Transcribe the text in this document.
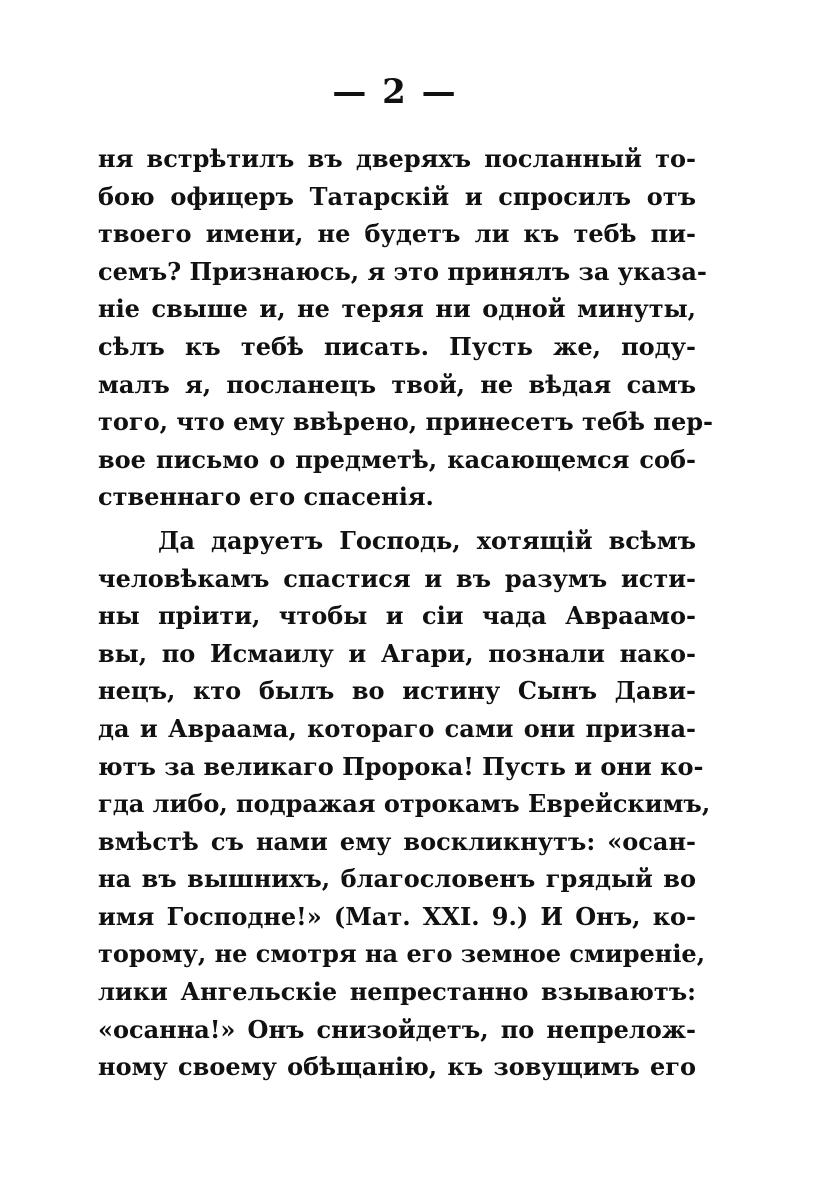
— 2 —
ня встрѣтилъ въ дверяхъ посланный то-
бою офицеръ Татарскій и спросилъ отъ
твоего имени, не будетъ ли къ тебѣ пи-
семъ? Признаюсь, я это принялъ за указа-
ніе свыше и, не теряя ни одной минуты,
сѣлъ къ тебѣ писать. Пусть же, поду-
малъ я, посланецъ твой, не вѣдая самъ
того, что ему ввѣрено, принесетъ тебѣ пер-
вое письмо о предметѣ, касающемся соб-
ственнаго его спасенія.
Да даруетъ Господь, хотящій всѣмъ
человѣкамъ спастися и въ разумъ исти-
ны пріити, чтобы и сіи чада Авраамо-
вы, по Исмаилу и Агари, познали нако-
нецъ, кто былъ во истину Сынъ Дави-
да и Авраама, котораго сами они призна-
ютъ за великаго Пророка! Пусть и они ко-
гда либо, подражая отрокамъ Еврейскимъ,
вмѣстѣ съ нами ему воскликнутъ: «осан-
на въ вышнихъ, благословенъ грядый во
имя Господне!» (Мат. XXI. 9.) И Онъ, ко-
торому, не смотря на его земное смиреніе,
лики Ангельскіе непрестанно взываютъ:
«осанна!» Онъ снизойдетъ, по непрелож-
ному своему обѣщанію, къ зовущимъ его
